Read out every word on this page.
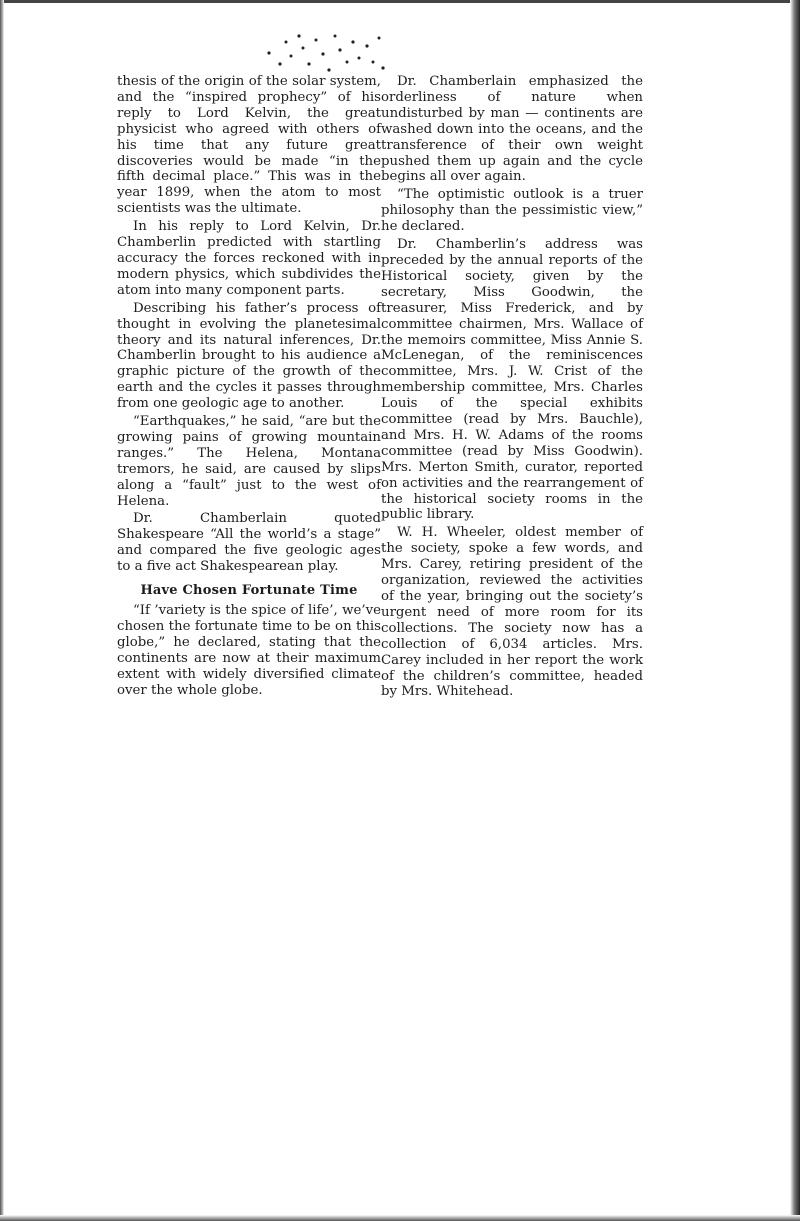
thesis of the origin of the solar system, and the “inspired prophecy” of his reply to Lord Kelvin, the great physicist who agreed with others of his time that any future great discoveries would be made “in the fifth decimal place.” This was in the year 1899, when the atom to most scientists was the ultimate.

In his reply to Lord Kelvin, Dr. Chamberlin predicted with startling accuracy the forces reckoned with in modern physics, which subdivides the atom into many component parts.

Describing his father’s process of thought in evolving the planetesimal theory and its natural inferences, Dr. Chamberlin brought to his audience a graphic picture of the growth of the earth and the cycles it passes through from one geologic age to another.

“Earthquakes,” he said, “are but the growing pains of growing mountain ranges.” The Helena, Montana tremors, he said, are caused by slips along a “fault” just to the west of Helena.

Dr. Chamberlain quoted Shakespeare “All the world’s a stage” and compared the five geologic ages to a five act Shakespearean play.

Have Chosen Fortunate Time

“If ’variety is the spice of life’, we’ve chosen the fortunate time to be on this globe,” he declared, stating that the continents are now at their maximum extent with widely diversified climate over the whole globe.

Dr. Chamberlain emphasized the orderliness of nature when undisturbed by man — continents are washed down into the oceans, and the transference of their own weight pushed them up again and the cycle begins all over again.

“The optimistic outlook is a truer philosophy than the pessimistic view,” he declared.

Dr. Chamberlin’s address was preceded by the annual reports of the Historical society, given by the secretary, Miss Goodwin, the treasurer, Miss Frederick, and by committee chairmen, Mrs. Wallace of the memoirs committee, Miss Annie S. McLenegan, of the reminiscences committee, Mrs. J. W. Crist of the membership committee, Mrs. Charles Louis of the special exhibits committee (read by Mrs. Bauchle), and Mrs. H. W. Adams of the rooms committee (read by Miss Goodwin). Mrs. Merton Smith, curator, reported on activities and the rearrangement of the historical society rooms in the public library.

W. H. Wheeler, oldest member of the society, spoke a few words, and Mrs. Carey, retiring president of the organization, reviewed the activities of the year, bringing out the society’s urgent need of more room for its collections. The society now has a collection of 6,034 articles. Mrs. Carey included in her report the work of the children’s committee, headed by Mrs. Whitehead.
